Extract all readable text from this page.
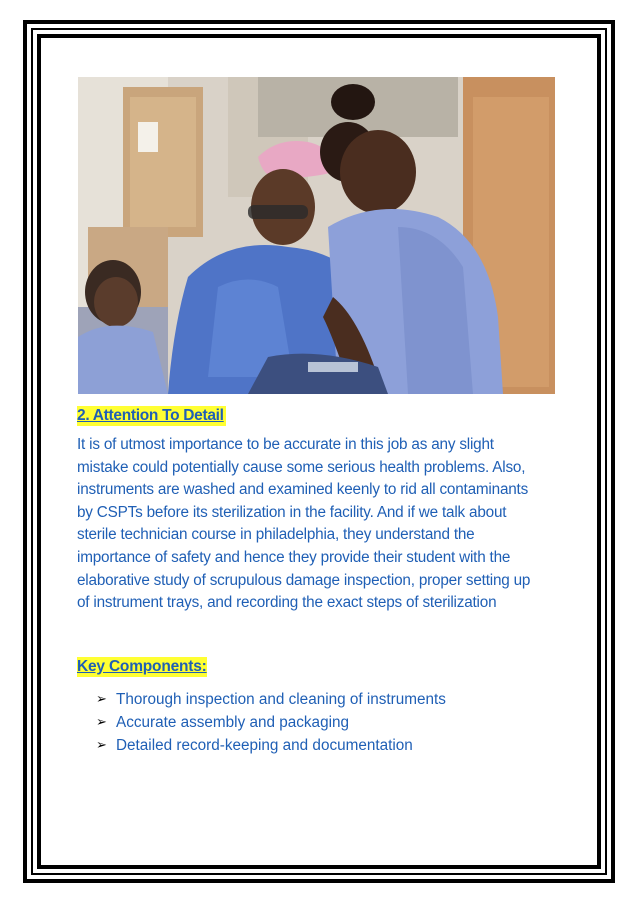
2. Attention To Detail

It is of utmost importance to be accurate in this job as any slight
mistake could potentially cause some serious health problems. Also,
instruments are washed and examined keenly to rid all contaminants
by CSPTs before its sterilization in the facility. And if we talk about
sterile technician course in philadelphia, they understand the
importance of safety and hence they provide their student with the
elaborative study of scrupulous damage inspection, proper setting up
of instrument trays, and recording the exact steps of sterilization

Key Components:
➢ Thorough inspection and cleaning of instruments
➢ Accurate assembly and packaging
➢ Detailed record-keeping and documentation
